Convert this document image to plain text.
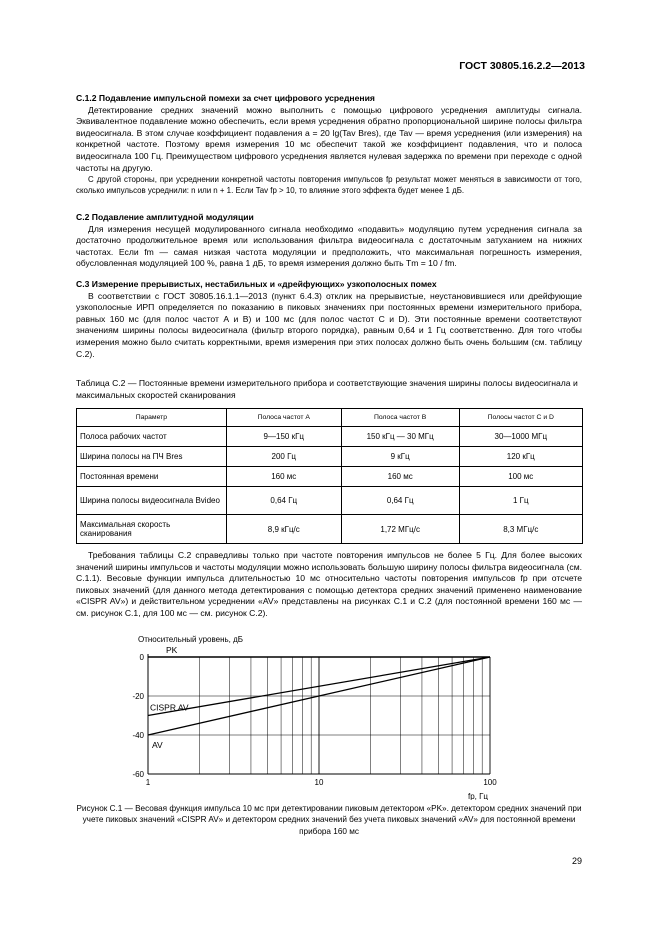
ГОСТ 30805.16.2.2—2013
С.1.2 Подавление импульсной помехи за счет цифрового усреднения

Детектирование средних значений можно выполнить с помощью цифрового усреднения амплитуды сигнала. Эквивалентное подавление можно обеспечить, если время усреднения обратно пропорциональной ширине полосы фильтра видеосигнала. В этом случае коэффициент подавления a = 20 lg(Tav Bres), где Tav — время усреднения (или измерения) на конкретной частоте. Поэтому время измерения 10 мс обеспечит такой же коэффициент подавления, что и полоса видеосигнала 100 Гц. Преимуществом цифрового усреднения является нулевая задержка по времени при переходе с одной частоты на другую.

С другой стороны, при усреднении конкретной частоты повторения импульсов fp результат может меняться в зависимости от того, сколько импульсов усреднили: n или n + 1. Если Tav fp > 10, то влияние этого эффекта будет менее 1 дБ.

С.2 Подавление амплитудной модуляции

Для измерения несущей модулированного сигнала необходимо «подавить» модуляцию путем усреднения сигнала за достаточно продолжительное время или использования фильтра видеосигнала с достаточным затуханием на нижних частотах. Если fm — самая низкая частота модуляции и предположить, что максимальная погрешность измерения, обусловленная модуляцией 100 %, равна 1 дБ, то время измерения должно быть Tm = 10 / fm.

С.3 Измерение прерывистых, нестабильных и «дрейфующих» узкополосных помех

В соответствии с ГОСТ 30805.16.1.1—2013 (пункт 6.4.3) отклик на прерывистые, неустановившиеся или дрейфующие узкополосные ИРП определяется по показанию в пиковых значениях при постоянных времени измерительного прибора, равных 160 мс (для полос частот А и В) и 100 мс (для полос частот С и D). Эти постоянные времени соответствуют значениям ширины полосы видеосигнала (фильтр второго порядка), равным 0,64 и 1 Гц соответственно. Для того чтобы измерения можно было считать корректными, время измерения при этих полосах должно быть очень большим (см. таблицу С.2).

Таблица С.2 — Постоянные времени измерительного прибора и соответствующие значения ширины полосы видеосигнала и максимальных скоростей сканирования
Параметр	Полоса частот А	Полоса частот В	Полосы частот С и D
Полоса рабочих частот	9—150 кГц	150 кГц — 30 МГц	30—1000 МГц
Ширина полосы на ПЧ Bres	200 Гц	9 кГц	120 кГц
Постоянная времени	160 мс	160 мс	100 мс
Ширина полосы видеосигнала Bvideo	0,64 Гц	0,64 Гц	1 Гц
Максимальная скорость сканирования	8,9 кГц/с	1,72 МГц/с	8,3 МГц/с

Требования таблицы С.2 справедливы только при частоте повторения импульсов не более 5 Гц. Для более высоких значений ширины импульсов и частоты модуляции можно использовать большую ширину полосы фильтра видеосигнала (см. С.1.1). Весовые функции импульса длительностью 10 мс относительно частоты повторения импульсов fp при отсчете пиковых значений (для данного метода детектирования с помощью детектора средних значений применено наименование «CISPR AV») и действительном усреднении «AV» представлены на рисунках С.1 и С.2 (для постоянной времени 160 мс — см. рисунок С.1, для 100 мс — см. рисунок С.2).

0
-20
-40
-60
1	10	100
Относительный уровень, дБ
fp, Гц
PK
CISPR AV
AV
Рисунок С.1 — Весовая функция импульса 10 мс при детектировании пиковым детектором «PK». детектором средних значений при учете пиковых значений «CISPR AV» и детектором средних значений без учета пиковых значений «AV» для постоянной времени прибора 160 мс
29
